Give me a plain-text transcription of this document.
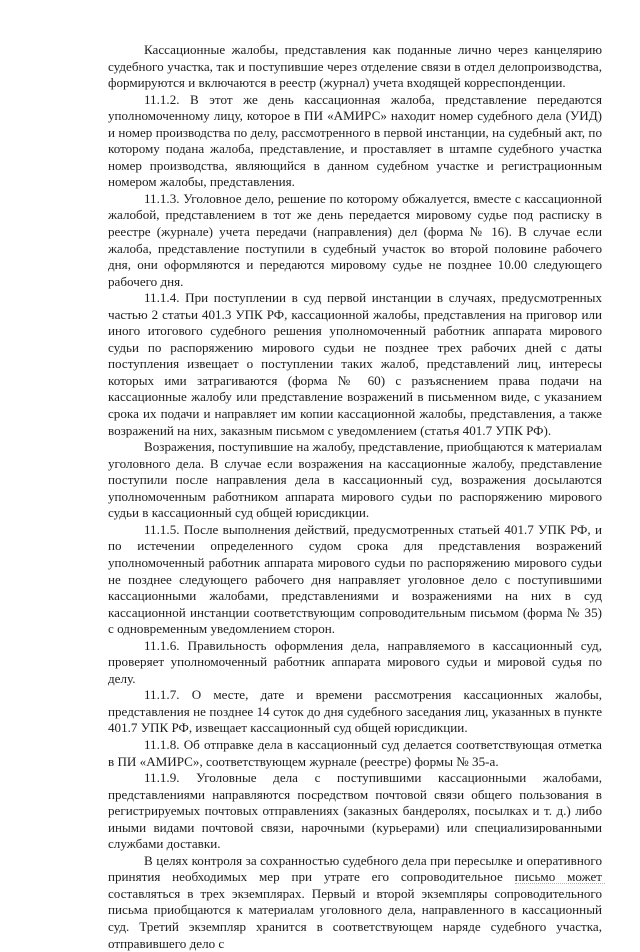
Кассационные жалобы, представления как поданные лично через канцелярию судебного участка, так и поступившие через отделение связи в отдел делопроизводства, формируются и включаются в реестр (журнал) учета входящей корреспонденции.

11.1.2. В этот же день кассационная жалоба, представление передаются уполномоченному лицу, которое в ПИ «АМИРС» находит номер судебного дела (УИД) и номер производства по делу, рассмотренного в первой инстанции, на судебный акт, по которому подана жалоба, представление, и проставляет в штампе судебного участка номер производства, являющийся в данном судебном участке и регистрационным номером жалобы, представления.

11.1.3. Уголовное дело, решение по которому обжалуется, вместе с кассационной жалобой, представлением в тот же день передается мировому судье под расписку в реестре (журнале) учета передачи (направления) дел (форма № 16). В случае если жалоба, представление поступили в судебный участок во второй половине рабочего дня, они оформляются и передаются мировому судье не позднее 10.00 следующего рабочего дня.

11.1.4. При поступлении в суд первой инстанции в случаях, предусмотренных частью 2 статьи 401.3 УПК РФ, кассационной жалобы, представления на приговор или иного итогового судебного решения уполномоченный работник аппарата мирового судьи по распоряжению мирового судьи не позднее трех рабочих дней с даты поступления извещает о поступлении таких жалоб, представлений лиц, интересы которых ими затрагиваются (форма № 60) с разъяснением права подачи на кассационные жалобу или представление возражений в письменном виде, с указанием срока их подачи и направляет им копии кассационной жалобы, представления, а также возражений на них, заказным письмом с уведомлением (статья 401.7 УПК РФ).

Возражения, поступившие на жалобу, представление, приобщаются к материалам уголовного дела. В случае если возражения на кассационные жалобу, представление поступили после направления дела в кассационный суд, возражения досылаются уполномоченным работником аппарата мирового судьи по распоряжению мирового судьи в кассационный суд общей юрисдикции.

11.1.5. После выполнения действий, предусмотренных статьей 401.7 УПК РФ, и по истечении определенного судом срока для представления возражений уполномоченный работник аппарата мирового судьи по распоряжению мирового судьи не позднее следующего рабочего дня направляет уголовное дело с поступившими кассационными жалобами, представлениями и возражениями на них в суд кассационной инстанции соответствующим сопроводительным письмом (форма № 35) с одновременным уведомлением сторон.

11.1.6. Правильность оформления дела, направляемого в кассационный суд, проверяет уполномоченный работник аппарата мирового судьи и мировой судья по делу.

11.1.7. О месте, дате и времени рассмотрения кассационных жалобы, представления не позднее 14 суток до дня судебного заседания лиц, указанных в пункте 401.7 УПК РФ, извещает кассационный суд общей юрисдикции.

11.1.8. Об отправке дела в кассационный суд делается соответствующая отметка в ПИ «АМИРС», соответствующем журнале (реестре) формы № 35-а.

11.1.9. Уголовные дела с поступившими кассационными жалобами, представлениями направляются посредством почтовой связи общего пользования в регистрируемых почтовых отправлениях (заказных бандеролях, посылках и т. д.) либо иными видами почтовой связи, нарочными (курьерами) или специализированными службами доставки.

В целях контроля за сохранностью судебного дела при пересылке и оперативного принятия необходимых мер при утрате его сопроводительное письмо может составляться в трех экземплярах. Первый и второй экземпляры сопроводительного письма приобщаются к материалам уголовного дела, направленного в кассационный суд. Третий экземпляр хранится в соответствующем наряде судебного участка, отправившего дело с
